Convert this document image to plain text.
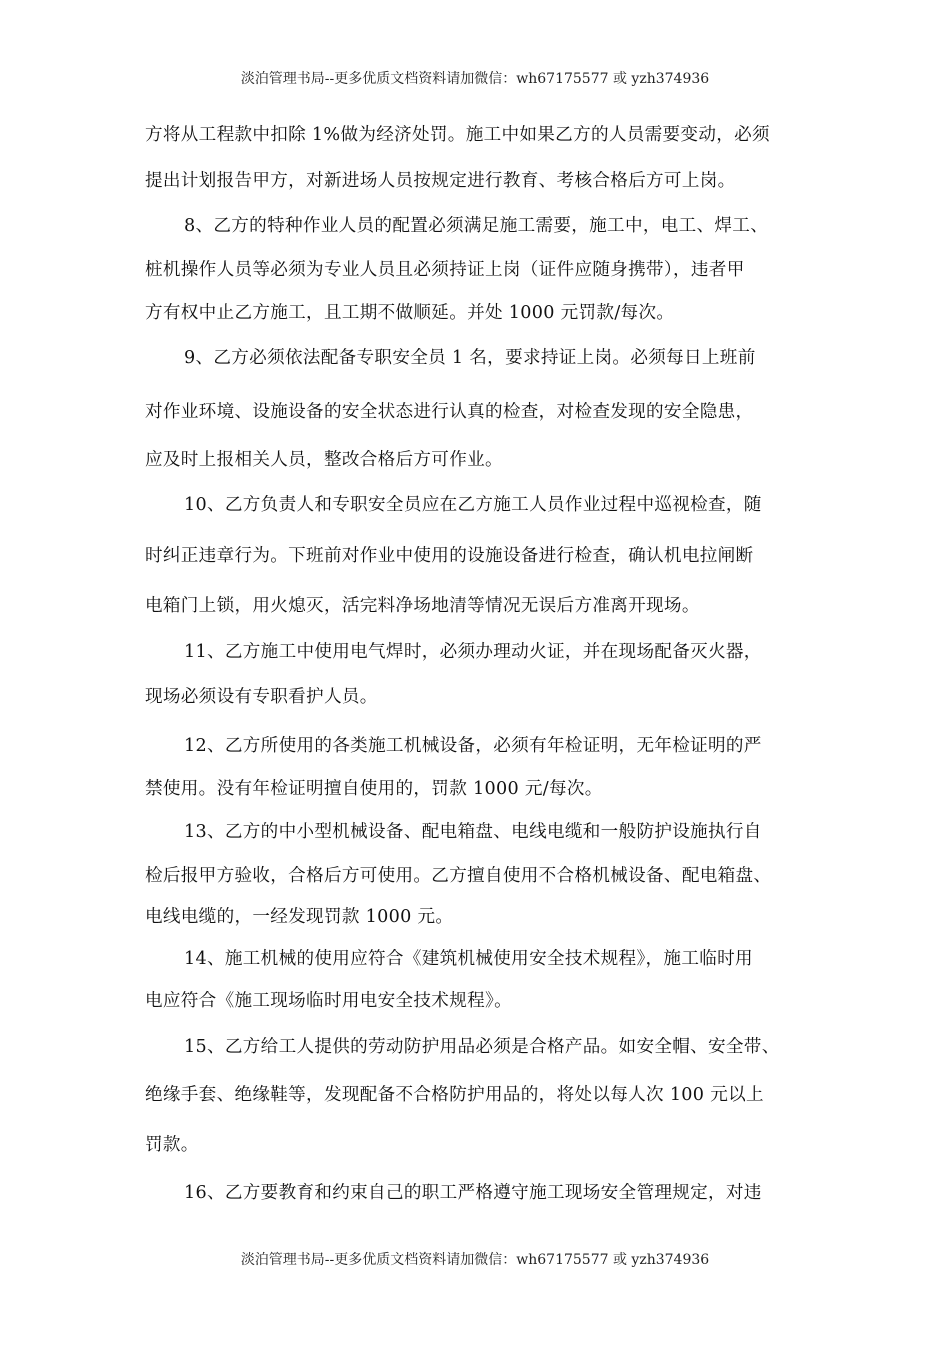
淡泊管理书局--更多优质文档资料请加微信：wh67175577 或 yzh374936
方将从工程款中扣除 1%做为经济处罚。施工中如果乙方的人员需要变动，必须
提出计划报告甲方，对新进场人员按规定进行教育、考核合格后方可上岗。
8、乙方的特种作业人员的配置必须满足施工需要，施工中，电工、焊工、
桩机操作人员等必须为专业人员且必须持证上岗（证件应随身携带），违者甲
方有权中止乙方施工，且工期不做顺延。并处 1000 元罚款/每次。
9、乙方必须依法配备专职安全员 1 名，要求持证上岗。必须每日上班前
对作业环境、设施设备的安全状态进行认真的检查，对检查发现的安全隐患，
应及时上报相关人员，整改合格后方可作业。
10、乙方负责人和专职安全员应在乙方施工人员作业过程中巡视检查，随
时纠正违章行为。下班前对作业中使用的设施设备进行检查，确认机电拉闸断
电箱门上锁，用火熄灭，活完料净场地清等情况无误后方准离开现场。
11、乙方施工中使用电气焊时，必须办理动火证，并在现场配备灭火器，
现场必须设有专职看护人员。
12、乙方所使用的各类施工机械设备，必须有年检证明，无年检证明的严
禁使用。没有年检证明擅自使用的，罚款 1000 元/每次。
13、乙方的中小型机械设备、配电箱盘、电线电缆和一般防护设施执行自
检后报甲方验收，合格后方可使用。乙方擅自使用不合格机械设备、配电箱盘、
电线电缆的，一经发现罚款 1000 元。
14、施工机械的使用应符合《建筑机械使用安全技术规程》，施工临时用
电应符合《施工现场临时用电安全技术规程》。
15、乙方给工人提供的劳动防护用品必须是合格产品。如安全帽、安全带、
绝缘手套、绝缘鞋等，发现配备不合格防护用品的，将处以每人次 100 元以上
罚款。
16、乙方要教育和约束自己的职工严格遵守施工现场安全管理规定，对违
淡泊管理书局--更多优质文档资料请加微信：wh67175577 或 yzh374936
